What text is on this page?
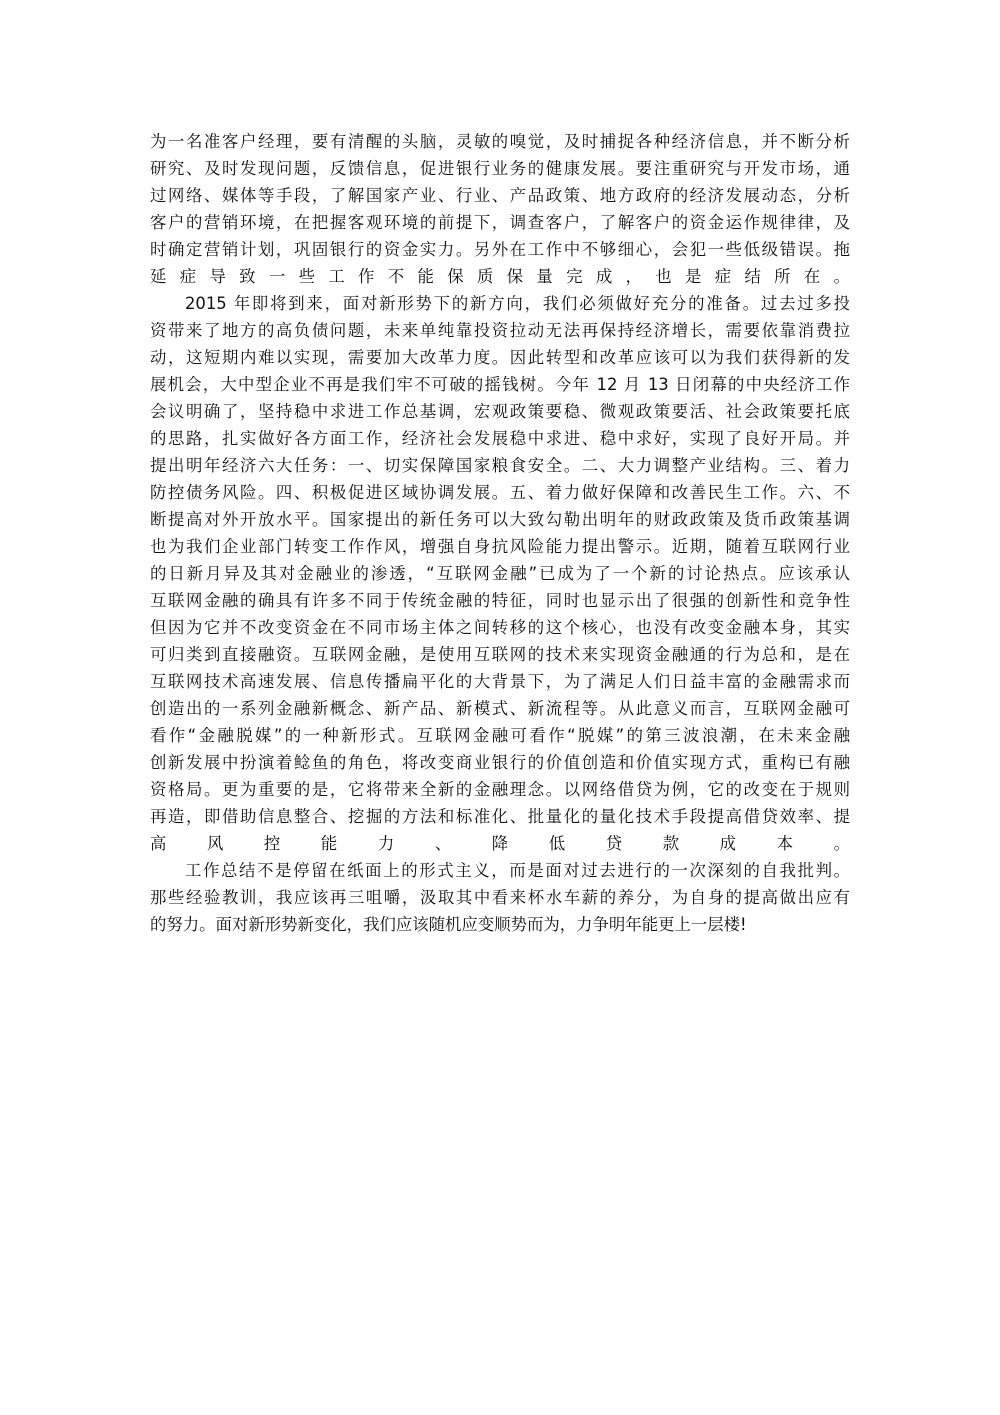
为一名准客户经理，要有清醒的头脑，灵敏的嗅觉，及时捕捉各种经济信息，并不断分析
研究、及时发现问题，反馈信息，促进银行业务的健康发展。要注重研究与开发市场，通
过网络、媒体等手段，了解国家产业、行业、产品政策、地方政府的经济发展动态，分析
客户的营销环境，在把握客观环境的前提下，调查客户，了解客户的资金运作规律律，及
时确定营销计划，巩固银行的资金实力。另外在工作中不够细心，会犯一些低级错误。拖
延症导致一些工作不能保质保量完成，也是症结所在。
2015 年即将到来，面对新形势下的新方向，我们必须做好充分的准备。过去过多投
资带来了地方的高负债问题，未来单纯靠投资拉动无法再保持经济增长，需要依靠消费拉
动，这短期内难以实现，需要加大改革力度。因此转型和改革应该可以为我们获得新的发
展机会，大中型企业不再是我们牢不可破的摇钱树。今年 12 月 13 日闭幕的中央经济工作
会议明确了，坚持稳中求进工作总基调，宏观政策要稳、微观政策要活、社会政策要托底
的思路，扎实做好各方面工作，经济社会发展稳中求进、稳中求好，实现了良好开局。并
提出明年经济六大任务：一、切实保障国家粮食安全。二、大力调整产业结构。三、着力
防控债务风险。四、积极促进区域协调发展。五、着力做好保障和改善民生工作。六、不
断提高对外开放水平。国家提出的新任务可以大致勾勒出明年的财政政策及货币政策基调
也为我们企业部门转变工作作风，增强自身抗风险能力提出警示。近期，随着互联网行业
的日新月异及其对金融业的渗透，“互联网金融”已成为了一个新的讨论热点。应该承认
互联网金融的确具有许多不同于传统金融的特征，同时也显示出了很强的创新性和竞争性
但因为它并不改变资金在不同市场主体之间转移的这个核心，也没有改变金融本身，其实
可归类到直接融资。互联网金融，是使用互联网的技术来实现资金融通的行为总和，是在
互联网技术高速发展、信息传播扁平化的大背景下，为了满足人们日益丰富的金融需求而
创造出的一系列金融新概念、新产品、新模式、新流程等。从此意义而言，互联网金融可
看作“金融脱媒”的一种新形式。互联网金融可看作“脱媒”的第三波浪潮，在未来金融
创新发展中扮演着鲶鱼的角色，将改变商业银行的价值创造和价值实现方式，重构已有融
资格局。更为重要的是，它将带来全新的金融理念。以网络借贷为例，它的改变在于规则
再造，即借助信息整合、挖掘的方法和标准化、批量化的量化技术手段提高借贷效率、提
高风控能力、降低贷款成本。
工作总结不是停留在纸面上的形式主义，而是面对过去进行的一次深刻的自我批判。
那些经验教训，我应该再三咀嚼，汲取其中看来杯水车薪的养分，为自身的提高做出应有
的努力。面对新形势新变化，我们应该随机应变顺势而为，力争明年能更上一层楼!
